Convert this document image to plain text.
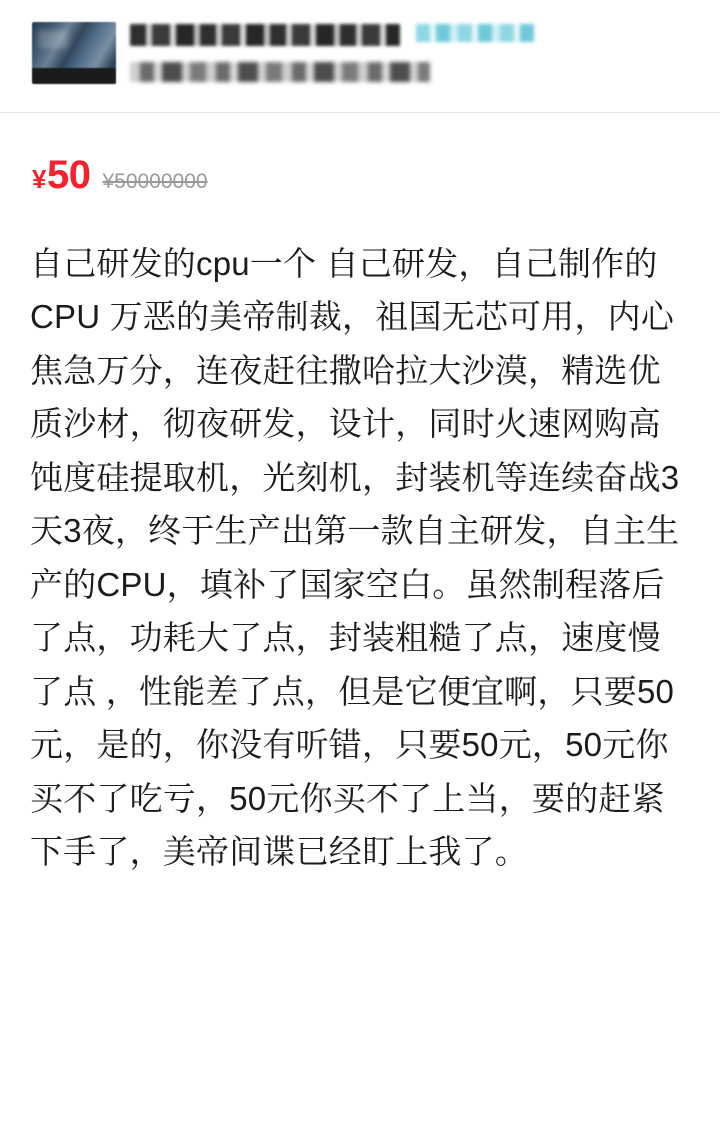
¥50 ¥50000000
自己研发的cpu一个 自己研发，自己制作的CPU 万恶的美帝制裁，祖国无芯可用，内心焦急万分，连夜赶往撒哈拉大沙漠，精选优质沙材，彻夜研发，设计，同时火速网购高饨度硅提取机，光刻机，封装机等连续奋战3天3夜，终于生产出第一款自主研发，自主生产的CPU，填补了国家空白。虽然制程落后了点，功耗大了点，封装粗糙了点，速度慢了点 ，性能差了点，但是它便宜啊，只要50元，是的，你没有听错，只要50元，50元你买不了吃亏，50元你买不了上当，要的赶紧下手了，美帝间谍已经盯上我了。
